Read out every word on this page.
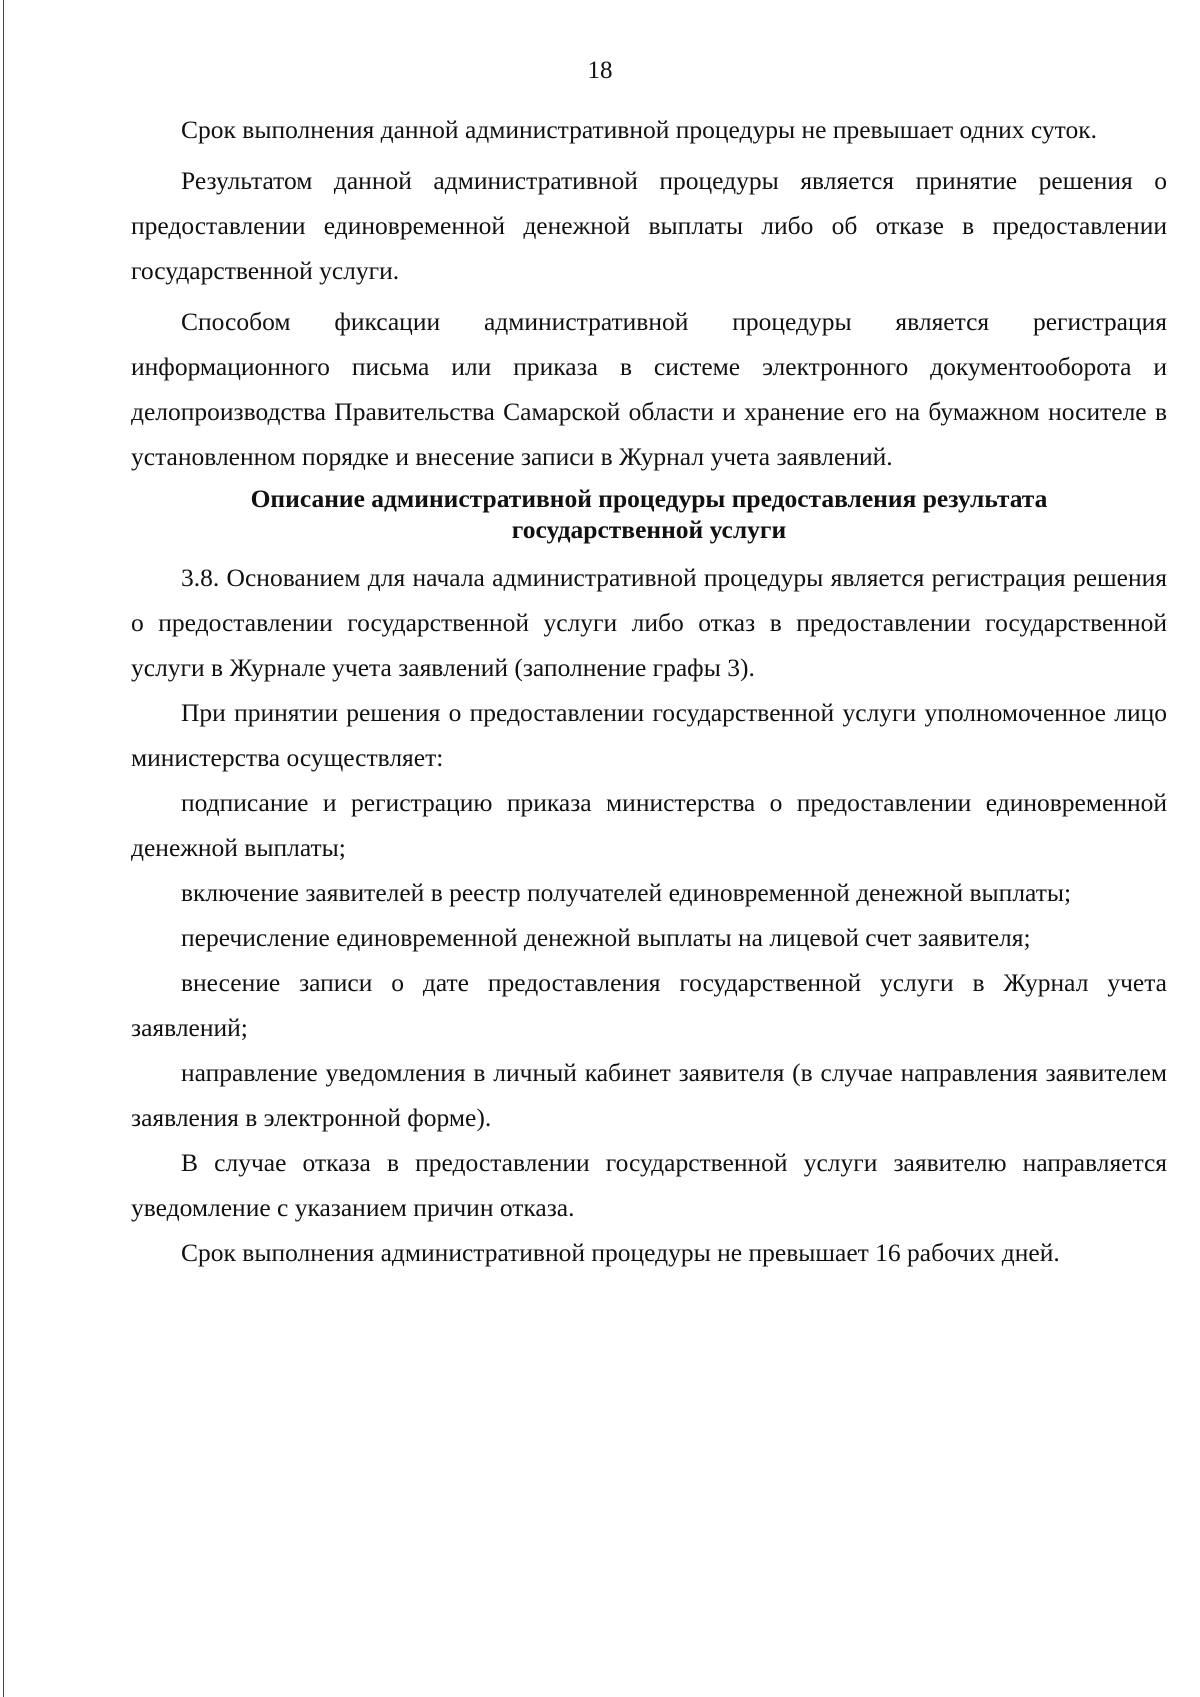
18

Срок выполнения данной административной процедуры не превышает одних суток.

Результатом данной административной процедуры является принятие решения о предоставлении единовременной денежной выплаты либо об отказе в предоставлении государственной услуги.

Способом фиксации административной процедуры является регистрация информационного письма или приказа в системе электронного документооборота и делопроизводства Правительства Самарской области и хранение его на бумажном носителе в установленном порядке и внесение записи в Журнал учета заявлений.

Описание административной процедуры предоставления результата
государственной услуги

3.8. Основанием для начала административной процедуры является регистрация решения о предоставлении государственной услуги либо отказ в предоставлении государственной услуги в Журнале учета заявлений (заполнение графы 3).

При принятии решения о предоставлении государственной услуги уполномоченное лицо министерства осуществляет:

подписание и регистрацию приказа министерства о предоставлении единовременной денежной выплаты;

включение заявителей в реестр получателей единовременной денежной выплаты;

перечисление единовременной денежной выплаты на лицевой счет заявителя;

внесение записи о дате предоставления государственной услуги в Журнал учета заявлений;

направление уведомления в личный кабинет заявителя (в случае направления заявителем заявления в электронной форме).

В случае отказа в предоставлении государственной услуги заявителю направляется уведомление с указанием причин отказа.

Срок выполнения административной процедуры не превышает 16 рабочих дней.
